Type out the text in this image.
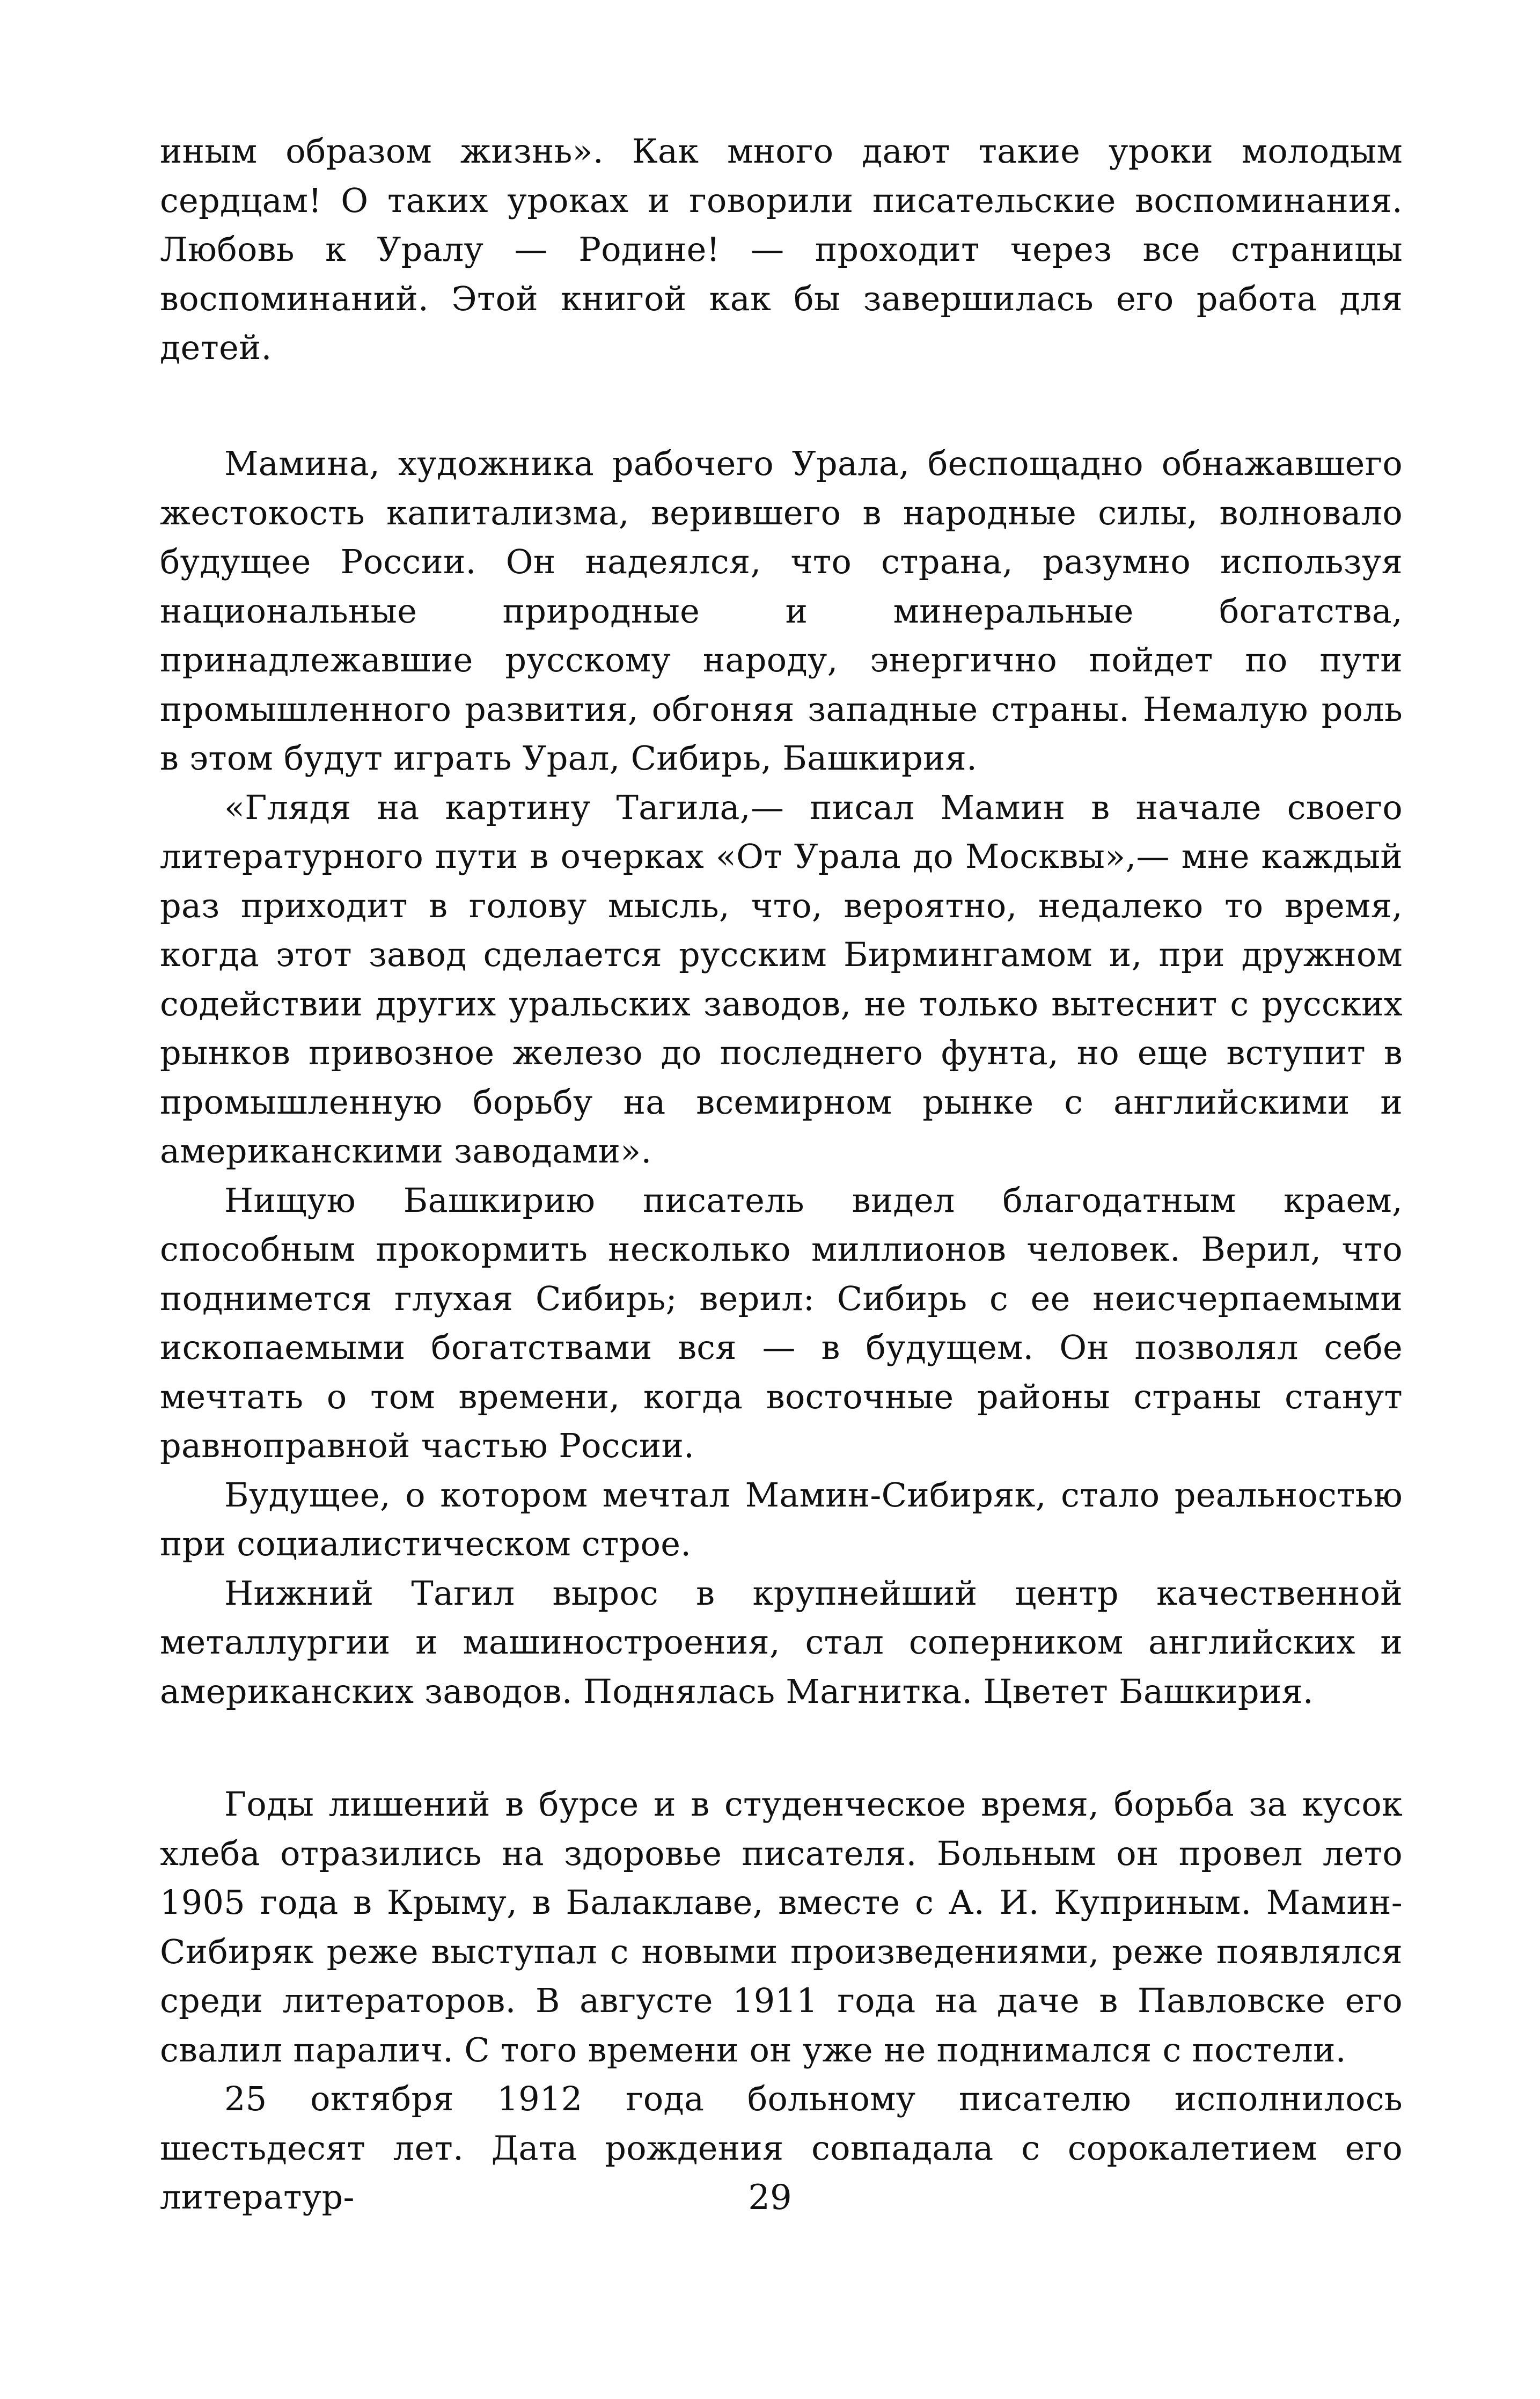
иным образом жизнь». Как много дают такие уроки молодым сердцам! О таких уроках и говорили писательские воспоминания. Любовь к Уралу — Родине! — проходит через все страницы воспоминаний. Этой книгой как бы завершилась его работа для детей.

Мамина, художника рабочего Урала, беспощадно обнажавшего жестокость капитализма, верившего в народные силы, волновало будущее России. Он надеялся, что страна, разумно используя национальные природные и минеральные богатства, принадлежавшие русскому народу, энергично пойдет по пути промышленного развития, обгоняя западные страны. Немалую роль в этом будут играть Урал, Сибирь, Башкирия.

«Глядя на картину Тагила,— писал Мамин в начале своего литературного пути в очерках «От Урала до Москвы»,— мне каждый раз приходит в голову мысль, что, вероятно, недалеко то время, когда этот завод сделается русским Бирмингамом и, при дружном содействии других уральских заводов, не только вытеснит с русских рынков привозное железо до последнего фунта, но еще вступит в промышленную борьбу на всемирном рынке с английскими и американскими заводами».

Нищую Башкирию писатель видел благодатным краем, способным прокормить несколько миллионов человек. Верил, что поднимется глухая Сибирь; верил: Сибирь с ее неисчерпаемыми ископаемыми богатствами вся — в будущем. Он позволял себе мечтать о том времени, когда восточные районы страны станут равноправной частью России.

Будущее, о котором мечтал Мамин-Сибиряк, стало реальностью при социалистическом строе.

Нижний Тагил вырос в крупнейший центр качественной металлургии и машиностроения, стал соперником английских и американских заводов. Поднялась Магнитка. Цветет Башкирия.

Годы лишений в бурсе и в студенческое время, борьба за кусок хлеба отразились на здоровье писателя. Больным он провел лето 1905 года в Крыму, в Балаклаве, вместе с А. И. Куприным. Мамин-Сибиряк реже выступал с новыми произведениями, реже появлялся среди литераторов. В августе 1911 года на даче в Павловске его свалил паралич. С того времени он уже не поднимался с постели.

25 октября 1912 года больному писателю исполнилось шестьдесят лет. Дата рождения совпадала с сорокалетием его литератур-	29
